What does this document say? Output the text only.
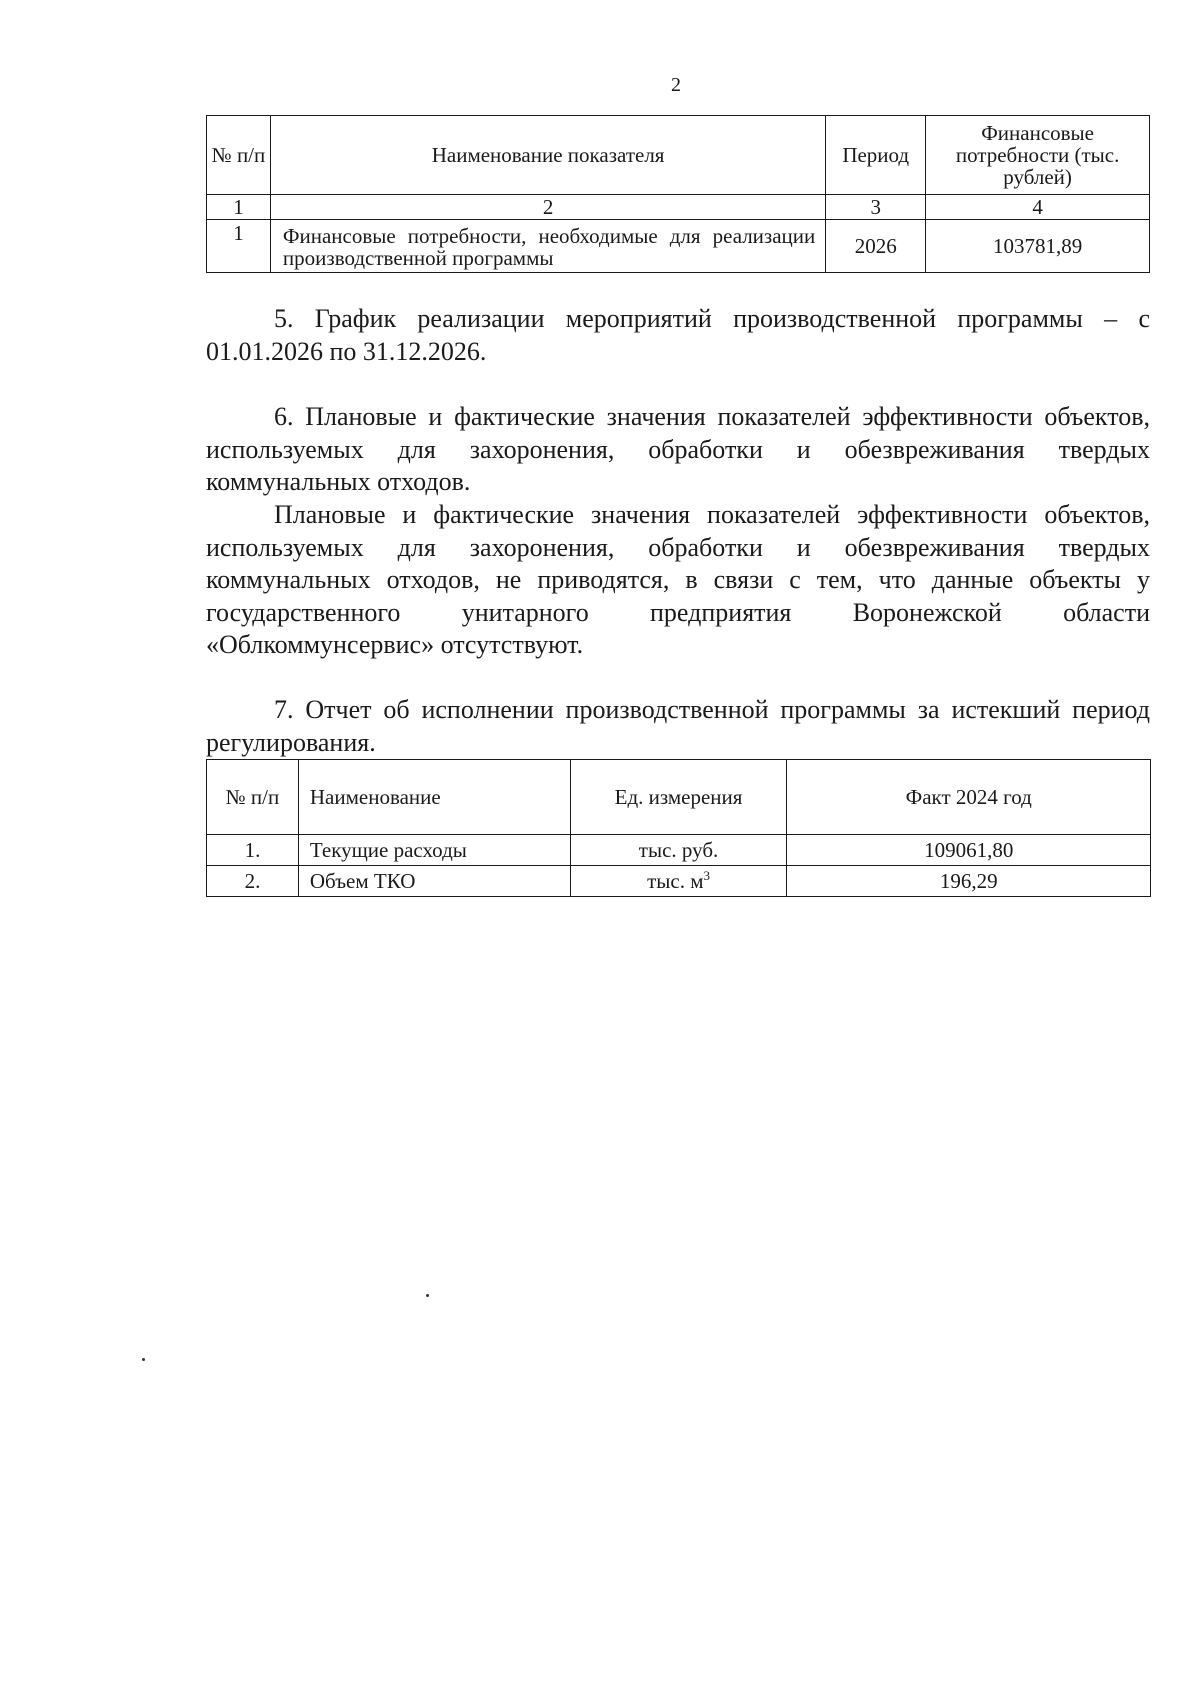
2
№ п/п	Наименование показателя	Период	Финансовые потребности (тыс. рублей)
1	2	3	4
1	Финансовые потребности, необходимые для реализации производственной программы	2026	103781,89

5. График реализации мероприятий производственной программы – с 01.01.2026 по 31.12.2026.

6. Плановые и фактические значения показателей эффективности объектов, используемых для захоронения, обработки и обезвреживания твердых коммунальных отходов.

Плановые и фактические значения показателей эффективности объектов, используемых для захоронения, обработки и обезвреживания твердых коммунальных отходов, не приводятся, в связи с тем, что данные объекты у государственного унитарного предприятия Воронежской области «Облкоммунсервис» отсутствуют.

7. Отчет об исполнении производственной программы за истекший период регулирования.

№ п/п	Наименование	Ед. измерения	Факт 2024 год
1.	Текущие расходы	тыс. руб.	109061,80
2.	Объем ТКО	тыс. $м^3$	196,29
